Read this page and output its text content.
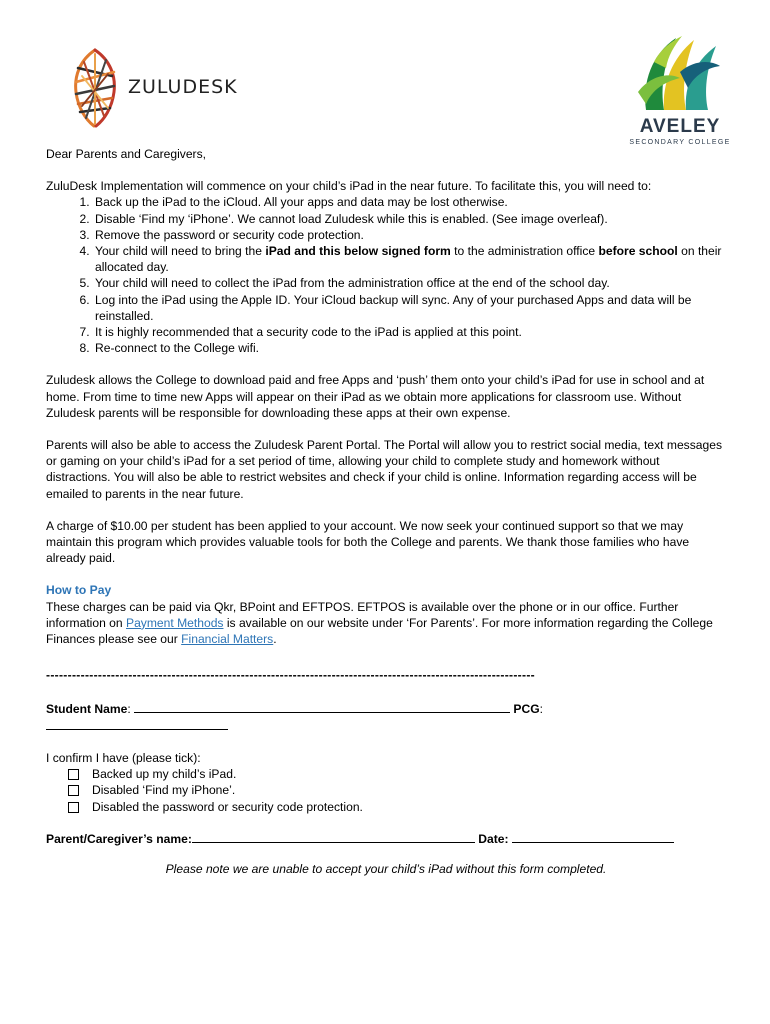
ZULUDESK
AVELEY
SECONDARY COLLEGE

Dear Parents and Caregivers,

ZuluDesk Implementation will commence on your child’s iPad in the near future. To facilitate this, you will need to:

1. Back up the iPad to the iCloud. All your apps and data may be lost otherwise.
2. Disable ‘Find my ‘iPhone’. We cannot load Zuludesk while this is enabled. (See image overleaf).
3. Remove the password or security code protection.
4. Your child will need to bring the iPad and this below signed form to the administration office before school on their allocated day.
5. Your child will need to collect the iPad from the administration office at the end of the school day.
6. Log into the iPad using the Apple ID. Your iCloud backup will sync. Any of your purchased Apps and data will be reinstalled.
7. It is highly recommended that a security code to the iPad is applied at this point.
8. Re-connect to the College wifi.

Zuludesk allows the College to download paid and free Apps and ‘push’ them onto your child’s iPad for use in school and at home. From time to time new Apps will appear on their iPad as we obtain more applications for classroom use. Without Zuludesk parents will be responsible for downloading these apps at their own expense.

Parents will also be able to access the Zuludesk Parent Portal. The Portal will allow you to restrict social media, text messages or gaming on your child’s iPad for a set period of time, allowing your child to complete study and homework without distractions. You will also be able to restrict websites and check if your child is online. Information regarding access will be emailed to parents in the near future.

A charge of $10.00 per student has been applied to your account. We now seek your continued support so that we may maintain this program which provides valuable tools for both the College and parents. We thank those families who have already paid.

How to Pay

These charges can be paid via Qkr, BPoint and EFTPOS. EFTPOS is available over the phone or in our office. Further information on Payment Methods is available on our website under ‘For Parents’. For more information regarding the College Finances please see our Financial Matters.

-----------------------------------------------------------------------------------------------------------------

Student Name:	PCG:

I confirm I have (please tick):

Backed up my child’s iPad.
Disabled ‘Find my iPhone’.
Disabled the password or security code protection.

Parent/Caregiver’s name:	Date:

Please note we are unable to accept your child’s iPad without this form completed.
